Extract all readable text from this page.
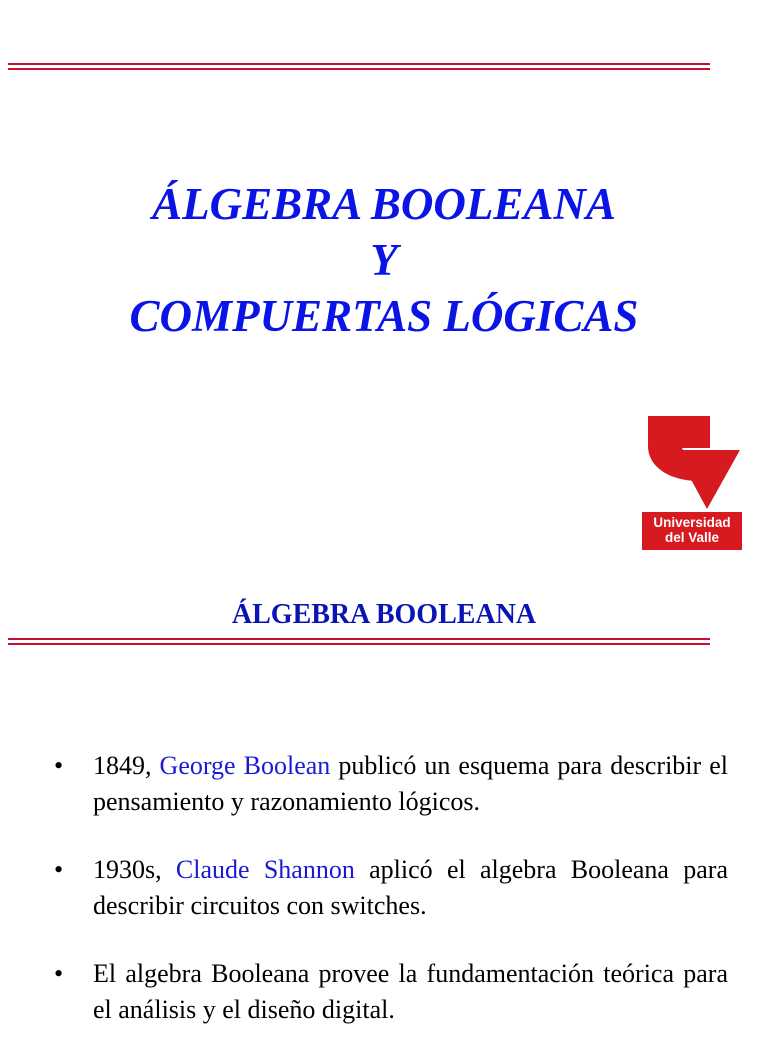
ÁLGEBRA BOOLEANA
Y
COMPUERTAS LÓGICAS
Universidad
del Valle
ÁLGEBRA BOOLEANA
• 1849, George Boolean publicó un esquema para describir el pensamiento y razonamiento lógicos.
• 1930s, Claude Shannon aplicó el algebra Booleana para describir circuitos con switches.
• El algebra Booleana provee la fundamentación teórica para el análisis y el diseño digital.
